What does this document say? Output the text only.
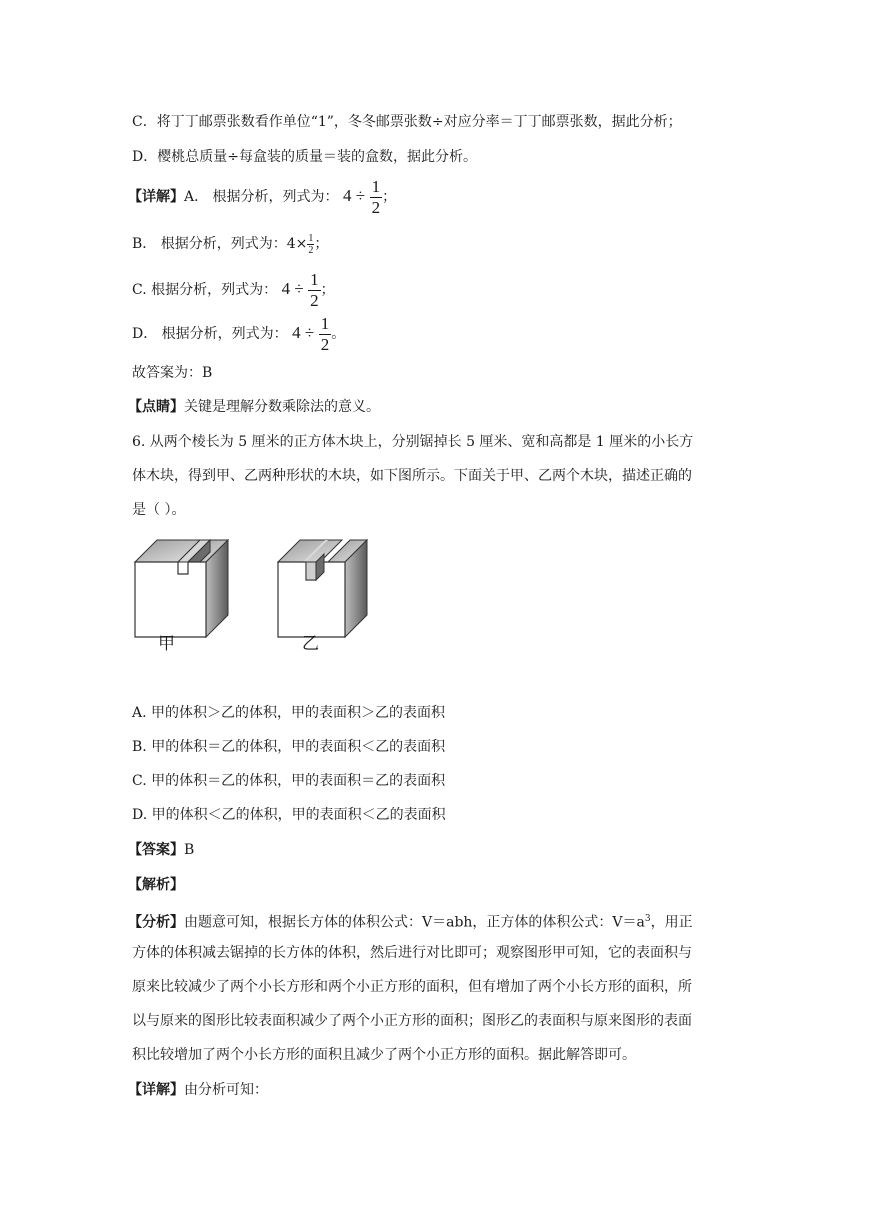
C．将丁丁邮票张数看作单位“1”，冬冬邮票张数÷对应分率＝丁丁邮票张数，据此分析；
D．樱桃总质量÷每盒装的质量＝装的盒数，据此分析。
【详解】A． 根据分析，列式为： $4 \div \frac{1}{2}$ ；
B． 根据分析，列式为：$4\times \frac{1}{2}$ ；
C. 根据分析，列式为： $4 \div \frac{1}{2}$ ；
D． 根据分析，列式为： $4 \div \frac{1}{2}$ 。
故答案为：B
【点睛】关键是理解分数乘除法的意义。
6. 从两个棱长为 5 厘米的正方体木块上，分别锯掉长 5 厘米、宽和高都是 1 厘米的小长方
体木块，得到甲、乙两种形状的木块，如下图所示。下面关于甲、乙两个木块，描述正确的
是（ ）。
甲	乙
A. 甲的体积＞乙的体积，甲的表面积＞乙的表面积
B. 甲的体积＝乙的体积，甲的表面积＜乙的表面积
C. 甲的体积＝乙的体积，甲的表面积＝乙的表面积
D. 甲的体积＜乙的体积，甲的表面积＜乙的表面积
【答案】B
【解析】
【分析】由题意可知，根据长方体的体积公式：V＝abh，正方体的体积公式：$V=a^3$，用正
方体的体积减去锯掉的长方体的体积，然后进行对比即可；观察图形甲可知，它的表面积与
原来比较减少了两个小长方形和两个小正方形的面积，但有增加了两个小长方形的面积，所
以与原来的图形比较表面积减少了两个小正方形的面积；图形乙的表面积与原来图形的表面
积比较增加了两个小长方形的面积且减少了两个小正方形的面积。据此解答即可。
【详解】由分析可知：
